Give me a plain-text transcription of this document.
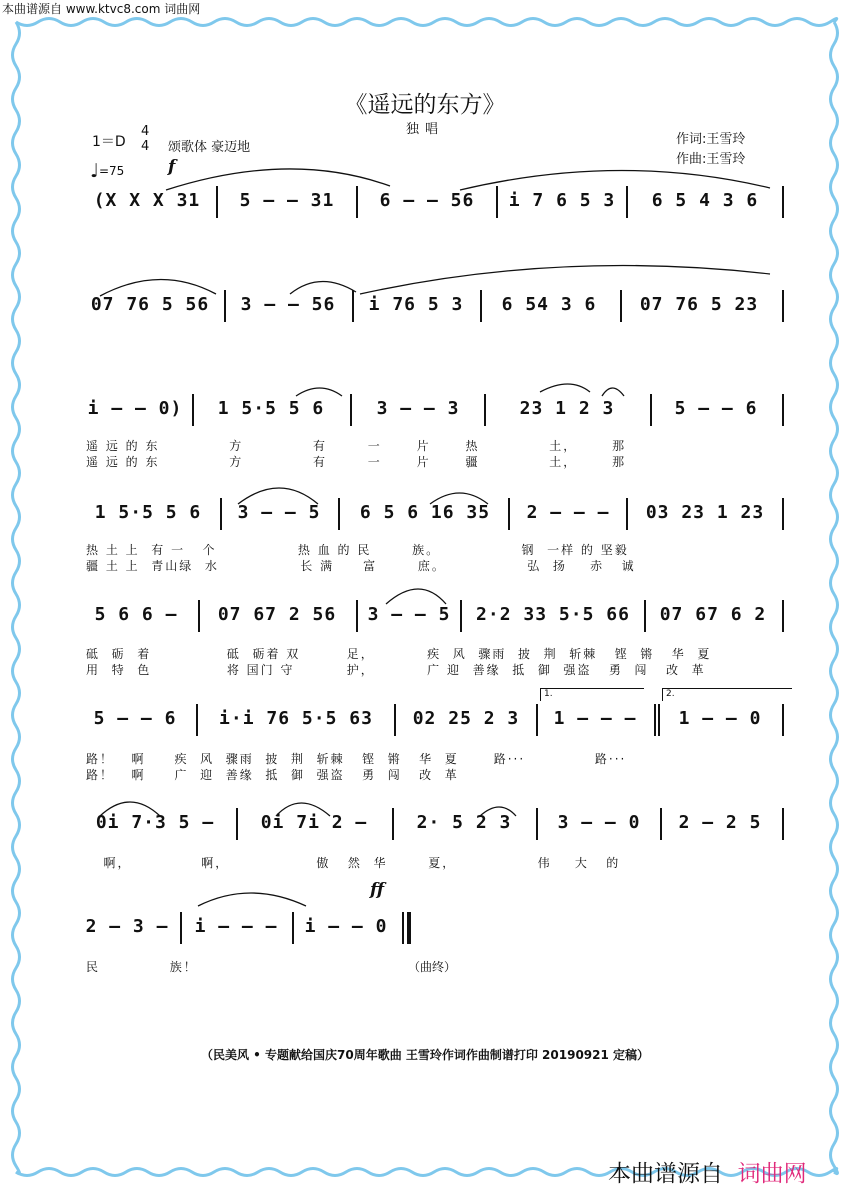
本曲谱源自 www.ktvc8.com 词曲网
《遥远的东方》
独唱
1＝D
4
4 颂歌体 豪迈地
作词:王雪玲
作曲:王雪玲
♩=75	f
(X X X 31	5 – – 31	6 – – 56	i 7 6 5 3	6 5 4 3 6
07 76 5 56	3 – – 56	i 76 5 3	6 54 3 6	07 76 5 23
i – – 0)	1 5·5 5 6	3 – – 3	23 1 2 3	5 – – 6
遥 远 的 东            方            有       一      片      热            土，      那
遥 远 的 东            方            有       一      片      疆            土，      那
1 5·5 5 6	3 – – 5	6 5 6 16 35	2 – – –	03 23 1 23
热 土 上  有 一   个              热 血 的 民       族。              钢  一样 的 坚毅
疆 土 上  青山绿  水              长 满     富       庶。              弘  扬    赤   诚
5 6 6 –	07 67 2 56	3 – – 5	2·2 33 5·5 66	07 67 6 2
砥  砺  着             砥  砺着 双        足，         疾  风  骤雨  披  荆  斩棘   铿  锵   华  夏
用  特  色             将 国门 守         护，         广 迎  善缘  抵  御  强盗   勇  闯   改  革
1.	2.
5 – – 6	i·i 76 5·5 63	02 25 2 3	1 – – –	1 – – 0
路！   啊     疾  风  骤雨  披  荆  斩棘   铿  锵   华  夏      路···            路···
路！   啊     广  迎  善缘  抵  御  强盗   勇  闯   改  革
0i 7·3 5 –	0i 7i 2 –	2· 5 2 3	3 – – 0	2 – 2 5
啊，            啊，               傲   然  华       夏，              伟    大   的
ff
2 – 3 –	i – – –	i – – 0
民            族！	（曲终）
（民美风 • 专题献给国庆70周年歌曲 王雪玲作词作曲制谱打印 20190921 定稿）
本曲谱源自 词曲网
